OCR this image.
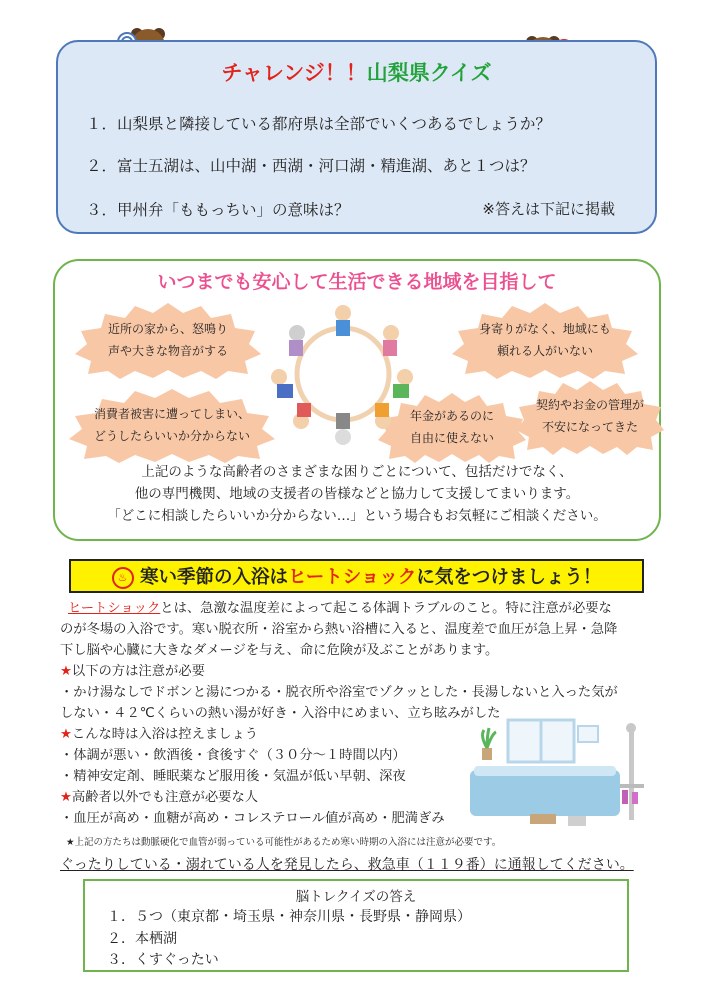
チャレンジ！！山梨県クイズ
１．山梨県と隣接している都府県は全部でいくつあるでしょうか？
２．富士五湖は、山中湖・西湖・河口湖・精進湖、あと１つは？
３．甲州弁「ももっちい」の意味は？	※答えは下記に掲載
いつまでも安心して生活できる地域を目指して
近所の家から、怒鳴り
声や大きな物音がする
身寄りがなく、地域にも
頼れる人がいない
消費者被害に遭ってしまい、
どうしたらいいか分からない
年金があるのに
自由に使えない
契約やお金の管理が
不安になってきた
上記のような高齢者のさまざまな困りごとについて、包括だけでなく、
他の専門機関、地域の支援者の皆様などと協力して支援してまいります。
「どこに相談したらいいか分からない…」という場合もお気軽にご相談ください。
♨ 寒い季節の入浴はヒートショックに気をつけましょう！
ヒートショックとは、急激な温度差によって起こる体調トラブルのこと。特に注意が必要な
のが冬場の入浴です。寒い脱衣所・浴室から熱い浴槽に入ると、温度差で血圧が急上昇・急降
下し脳や心臓に大きなダメージを与え、命に危険が及ぶことがあります。
★以下の方は注意が必要
・かけ湯なしでドボンと湯につかる・脱衣所や浴室でゾクッとした・長湯しないと入った気が
しない・４２℃くらいの熱い湯が好き・入浴中にめまい、立ち眩みがした
★こんな時は入浴は控えましょう
・体調が悪い・飲酒後・食後すぐ（３０分～１時間以内）
・精神安定剤、睡眠薬など服用後・気温が低い早朝、深夜
★高齢者以外でも注意が必要な人
・血圧が高め・血糖が高め・コレステロール値が高め・肥満ぎみ
★上記の方たちは動脈硬化で血管が弱っている可能性があるため寒い時期の入浴には注意が必要です。
ぐったりしている・溺れている人を発見したら、救急車（１１９番）に通報してください。
脳トレクイズの答え
１．５つ（東京都・埼玉県・神奈川県・長野県・静岡県）
２．本栖湖
３．くすぐったい
